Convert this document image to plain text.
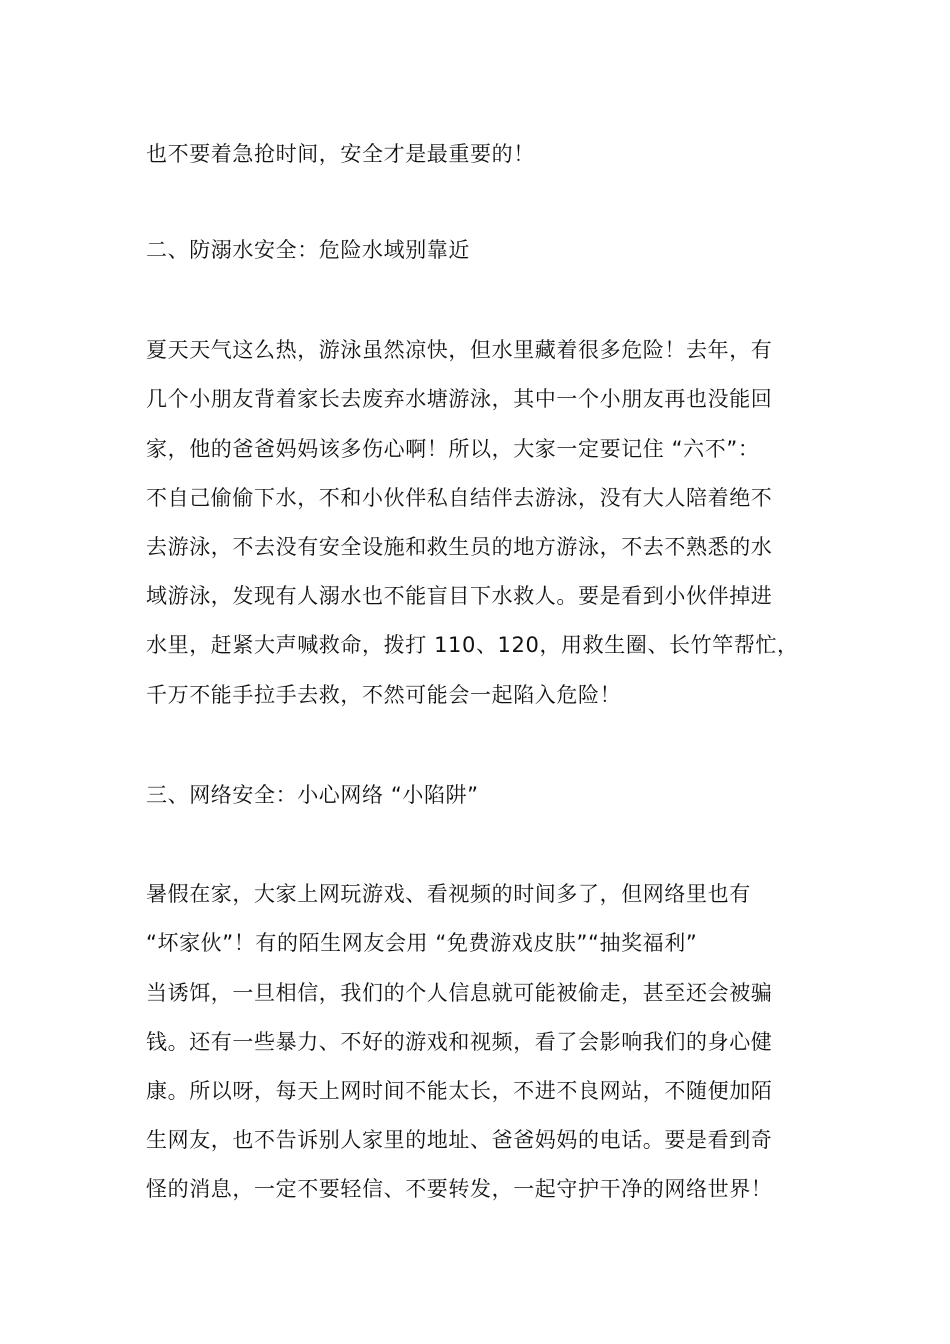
也不要着急抢时间，安全才是最重要的！
二、防溺水安全：危险水域别靠近
夏天天气这么热，游泳虽然凉快，但水里藏着很多危险！去年，有
几个小朋友背着家长去废弃水塘游泳，其中一个小朋友再也没能回
家，他的爸爸妈妈该多伤心啊！所以，大家一定要记住 “六不”：
不自己偷偷下水，不和小伙伴私自结伴去游泳，没有大人陪着绝不
去游泳，不去没有安全设施和救生员的地方游泳，不去不熟悉的水
域游泳，发现有人溺水也不能盲目下水救人。要是看到小伙伴掉进
水里，赶紧大声喊救命，拨打 110、120，用救生圈、长竹竿帮忙，
千万不能手拉手去救，不然可能会一起陷入危险！
三、网络安全：小心网络 “小陷阱”
暑假在家，大家上网玩游戏、看视频的时间多了，但网络里也有
“坏家伙”！有的陌生网友会用 “免费游戏皮肤”“抽奖福利”
当诱饵，一旦相信，我们的个人信息就可能被偷走，甚至还会被骗
钱。还有一些暴力、不好的游戏和视频，看了会影响我们的身心健
康。所以呀，每天上网时间不能太长，不进不良网站，不随便加陌
生网友，也不告诉别人家里的地址、爸爸妈妈的电话。要是看到奇
怪的消息，一定不要轻信、不要转发，一起守护干净的网络世界！
